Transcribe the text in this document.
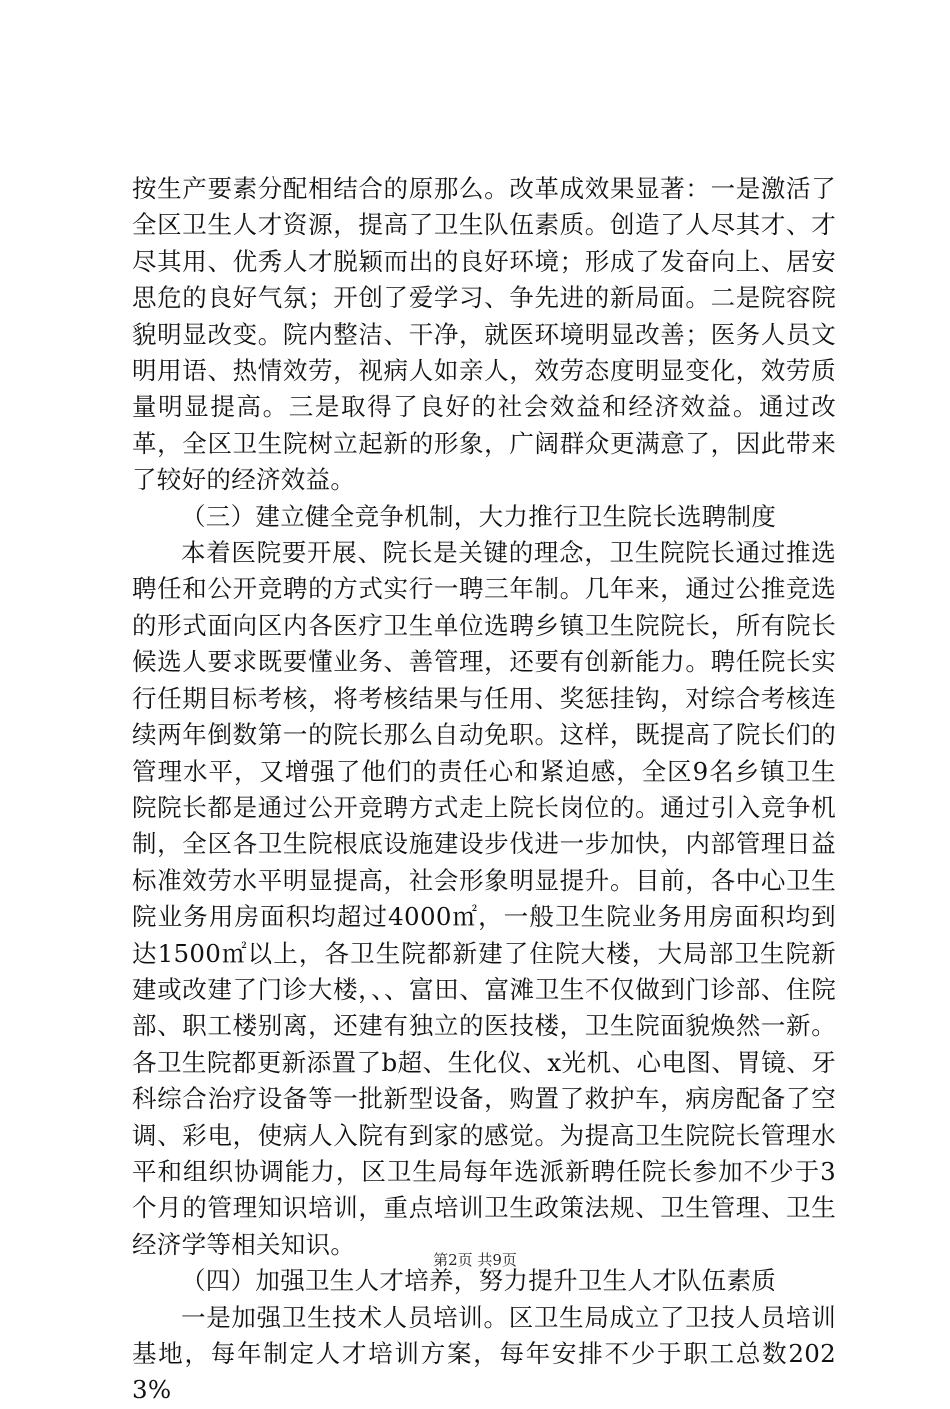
按生产要素分配相结合的原那么。改革成效果显著：一是激活了全区卫生人才资源，提高了卫生队伍素质。创造了人尽其才、才尽其用、优秀人才脱颖而出的良好环境；形成了发奋向上、居安思危的良好气氛；开创了爱学习、争先进的新局面。二是院容院貌明显改变。院内整洁、干净，就医环境明显改善；医务人员文明用语、热情效劳，视病人如亲人，效劳态度明显变化，效劳质量明显提高。三是取得了良好的社会效益和经济效益。通过改革，全区卫生院树立起新的形象，广阔群众更满意了，因此带来了较好的经济效益。

（三）建立健全竞争机制，大力推行卫生院长选聘制度

本着医院要开展、院长是关键的理念，卫生院院长通过推选聘任和公开竞聘的方式实行一聘三年制。几年来，通过公推竞选的形式面向区内各医疗卫生单位选聘乡镇卫生院院长，所有院长候选人要求既要懂业务、善管理，还要有创新能力。聘任院长实行任期目标考核，将考核结果与任用、奖惩挂钩，对综合考核连续两年倒数第一的院长那么自动免职。这样，既提高了院长们的管理水平，又增强了他们的责任心和紧迫感，全区9名乡镇卫生院院长都是通过公开竞聘方式走上院长岗位的。通过引入竞争机制，全区各卫生院根底设施建设步伐进一步加快，内部管理日益标准效劳水平明显提高，社会形象明显提升。目前，各中心卫生院业务用房面积均超过4000㎡，一般卫生院业务用房面积均到达1500㎡以上，各卫生院都新建了住院大楼，大局部卫生院新建或改建了门诊大楼，、、富田、富滩卫生不仅做到门诊部、住院部、职工楼别离，还建有独立的医技楼，卫生院面貌焕然一新。各卫生院都更新添置了b超、生化仪、x光机、心电图、胃镜、牙科综合治疗设备等一批新型设备，购置了救护车，病房配备了空调、彩电，使病人入院有到家的感觉。为提高卫生院院长管理水平和组织协调能力，区卫生局每年选派新聘任院长参加不少于3个月的管理知识培训，重点培训卫生政策法规、卫生管理、卫生经济学等相关知识。

（四）加强卫生人才培养，努力提升卫生人才队伍素质

一是加强卫生技术人员培训。区卫生局成立了卫技人员培训基地，每年制定人才培训方案，每年安排不少于职工总数2023%

第2页 共9页
